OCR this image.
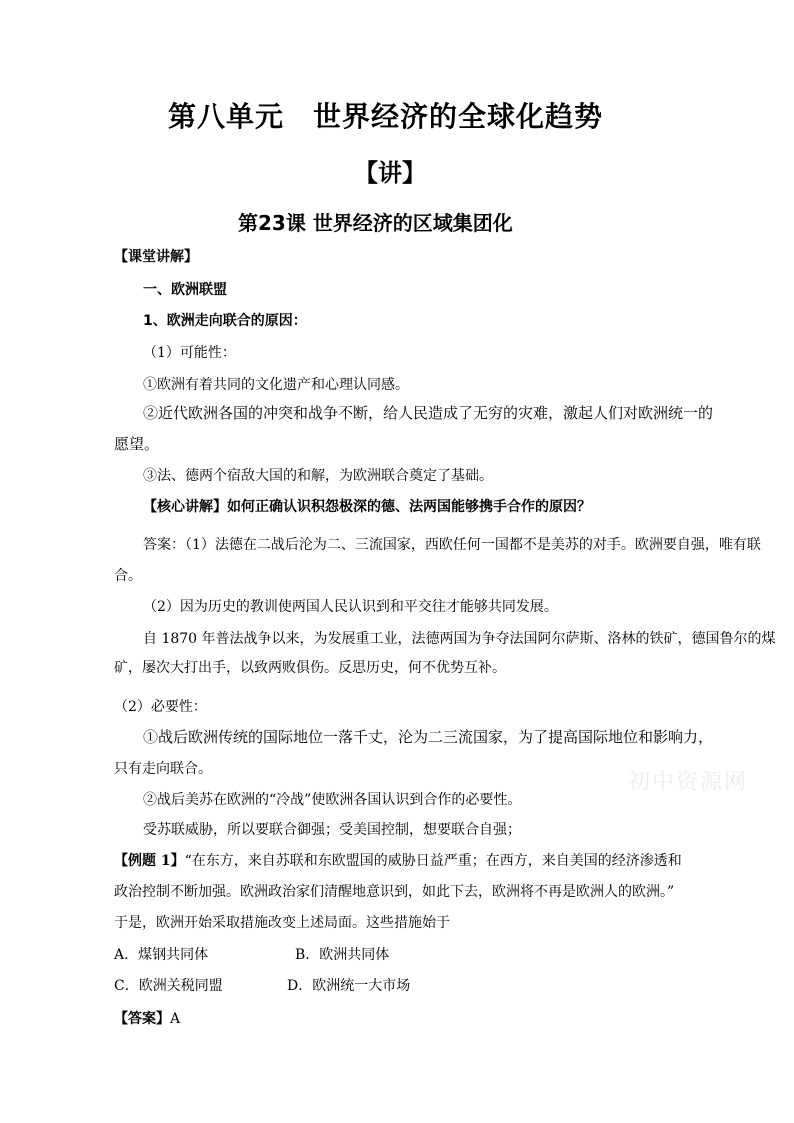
第八单元　世界经济的全球化趋势
【讲】
第23课 世界经济的区域集团化
【课堂讲解】
一、欧洲联盟
1、欧洲走向联合的原因：
（1）可能性：
①欧洲有着共同的文化遗产和心理认同感。
②近代欧洲各国的冲突和战争不断，给人民造成了无穷的灾难，激起人们对欧洲统一的
愿望。
③法、德两个宿敌大国的和解，为欧洲联合奠定了基础。
【核心讲解】如何正确认识积怨极深的德、法两国能够携手合作的原因？
答案：（1）法德在二战后沦为二、三流国家，西欧任何一国都不是美苏的对手。欧洲要自强，唯有联
合。
（2）因为历史的教训使两国人民认识到和平交往才能够共同发展。
自 1870 年普法战争以来，为发展重工业，法德两国为争夺法国阿尔萨斯、洛林的铁矿，德国鲁尔的煤
矿，屡次大打出手，以致两败俱伤。反思历史，何不优势互补。
（2）必要性：
①战后欧洲传统的国际地位一落千丈，沦为二三流国家，为了提高国际地位和影响力，
只有走向联合。
②战后美苏在欧洲的“冷战”使欧洲各国认识到合作的必要性。
受苏联威胁，所以要联合御强；受美国控制，想要联合自强；
初中资源网
【例题 1】“在东方，来自苏联和东欧盟国的威胁日益严重；在西方，来自美国的经济渗透和
政治控制不断加强。欧洲政治家们清醒地意识到，如此下去，欧洲将不再是欧洲人的欧洲。”
于是，欧洲开始采取措施改变上述局面。这些措施始于
A．煤钢共同体	B．欧洲共同体
C．欧洲关税同盟	D．欧洲统一大市场
【答案】A
